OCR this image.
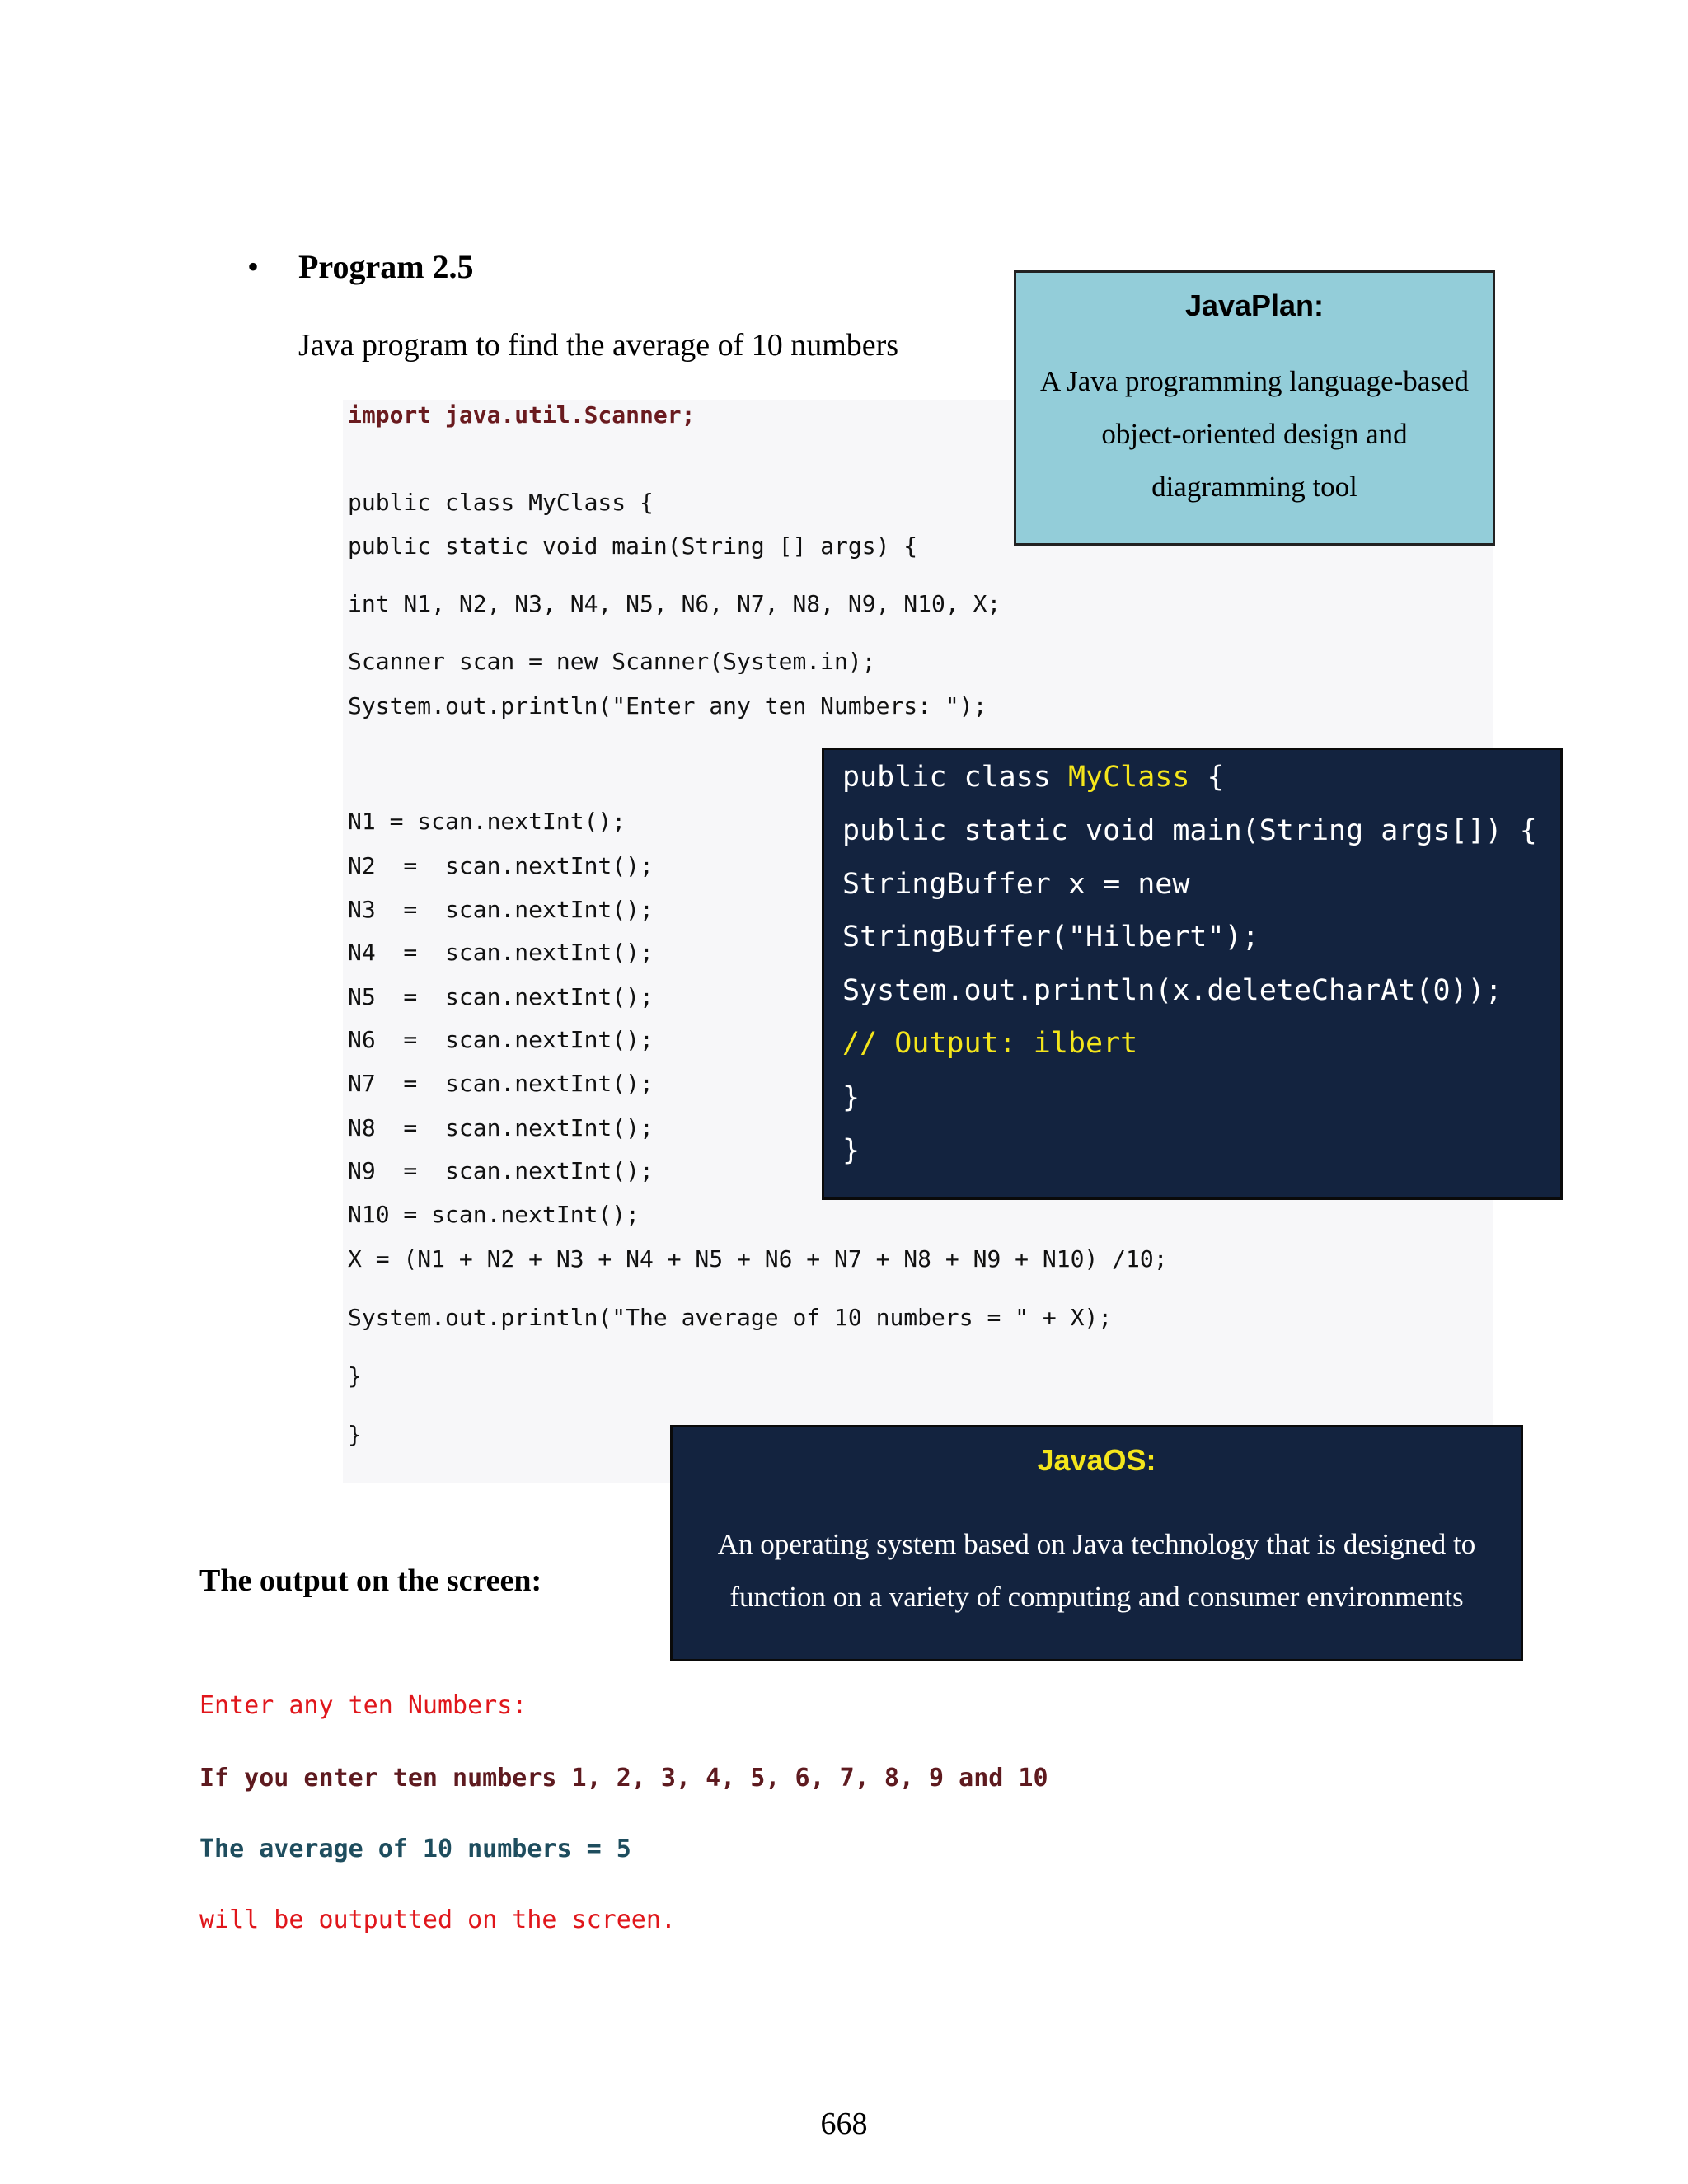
• Program 2.5
Java program to find the average of 10 numbers
import java.util.Scanner;
public class MyClass {
public static void main(String [] args) {
int N1, N2, N3, N4, N5, N6, N7, N8, N9, N10, X;
Scanner scan = new Scanner(System.in);
System.out.println("Enter any ten Numbers: ");
N1 = scan.nextInt();
N2  =  scan.nextInt();
N3  =  scan.nextInt();
N4  =  scan.nextInt();
N5  =  scan.nextInt();
N6  =  scan.nextInt();
N7  =  scan.nextInt();
N8  =  scan.nextInt();
N9  =  scan.nextInt();
N10 = scan.nextInt();
X = (N1 + N2 + N3 + N4 + N5 + N6 + N7 + N8 + N9 + N10) /10;
System.out.println("The average of 10 numbers = " + X);
}
}
JavaPlan:

A Java programming language-based object-oriented design and diagramming tool

public class MyClass {
public static void main(String args[]) {
StringBuffer x = new
StringBuffer("Hilbert");
System.out.println(x.deleteCharAt(0));
// Output: ilbert
}
}
JavaOS:

An operating system based on Java technology that is designed to function on a variety of computing and consumer environments

The output on the screen:
Enter any ten Numbers:
If you enter ten numbers 1, 2, 3, 4, 5, 6, 7, 8, 9 and 10
The average of 10 numbers = 5
will be outputted on the screen.
668
